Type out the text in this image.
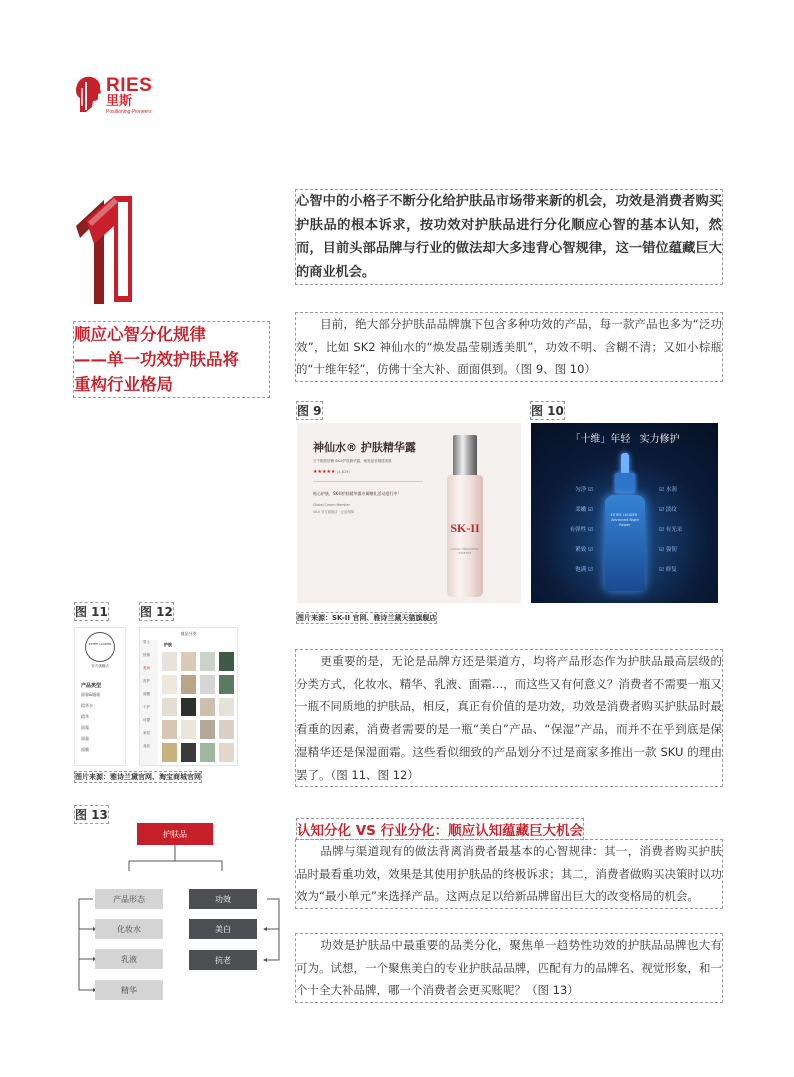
RIES
里斯
Positioning Pioneers
顺应心智分化规律
——单一功效护肤品将
重构行业格局
心智中的小格子不断分化给护肤品市场带来新的机会，功效是消费者购买护肤品的根本诉求，按功效对护肤品进行分化顺应心智的基本认知，然而，目前头部品牌与行业的做法却大多违背心智规律，这一错位蕴藏巨大的商业机会。
目前，绝大部分护肤品品牌旗下包含多种功效的产品，每一款产品也多为“泛功效”，比如 SK2 神仙水的“焕发晶莹剔透美肌”，功效不明、含糊不清；又如小棕瓶的“十维年轻”，仿佛十全大补、面面俱到。（图 9、图 10）
图 9	图 10
神仙水® 护肤精华露
万千肌肤信赖 SK-II护肤精华露，焕发晶莹剔透美肌
★★★★★ (4,829)
贴心护肤，SK-II护肤精华露专属赠礼活动进行中！
Global Cream Member
SK-II 官方旗舰店 · 正品保障
SK-II
FACIAL TREATMENT ESSENCE
「十维」年轻 实力修护
匀净 ☑
柔嫩 ☑
有弹性 ☑
紧致 ☑
饱满 ☑
☑ 水润
☑ 淡纹
☑ 有光采
☑ 强韧
☑ 修复
ESTEE LAUDER · Advanced Night Repair
图片来源：SK-II 官网、雅诗兰黛天猫旗舰店
图 11	图 12
ESTĒE LAUDER
官方旗舰店
产品类型
面霜&眼霜
精华水
精华
面霜
面霜
面膜
商品分类
男士
热销
美妆
洗护
面膜
个护
母婴
家居
食品
护肤
图片来源：雅诗兰黛官网、淘宝商城官网
图 13
护肤品
产品形态
化妆水
乳液
精华
功效
美白
抗老
更重要的是，无论是品牌方还是渠道方，均将产品形态作为护肤品最高层级的分类方式，化妆水、精华、乳液、面霜…，而这些又有何意义？消费者不需要一瓶又一瓶不同质地的护肤品，相反，真正有价值的是功效，功效是消费者购买护肤品时最看重的因素，消费者需要的是一瓶“美白”产品、“保湿”产品，而并不在乎到底是保湿精华还是保湿面霜。这些看似细致的产品划分不过是商家多推出一款 SKU 的理由罢了。（图 11、图 12）
认知分化 VS 行业分化：顺应认知蕴藏巨大机会
品牌与渠道现有的做法背离消费者最基本的心智规律：其一，消费者购买护肤品时最看重功效，效果是其使用护肤品的终极诉求；其二，消费者做购买决策时以功效为“最小单元”来选择产品。这两点足以给新品牌留出巨大的改变格局的机会。
功效是护肤品中最重要的品类分化，聚焦单一趋势性功效的护肤品品牌也大有可为。试想，一个聚焦美白的专业护肤品品牌，匹配有力的品牌名、视觉形象，和一个十全大补品牌，哪一个消费者会更买账呢？（图 13）
